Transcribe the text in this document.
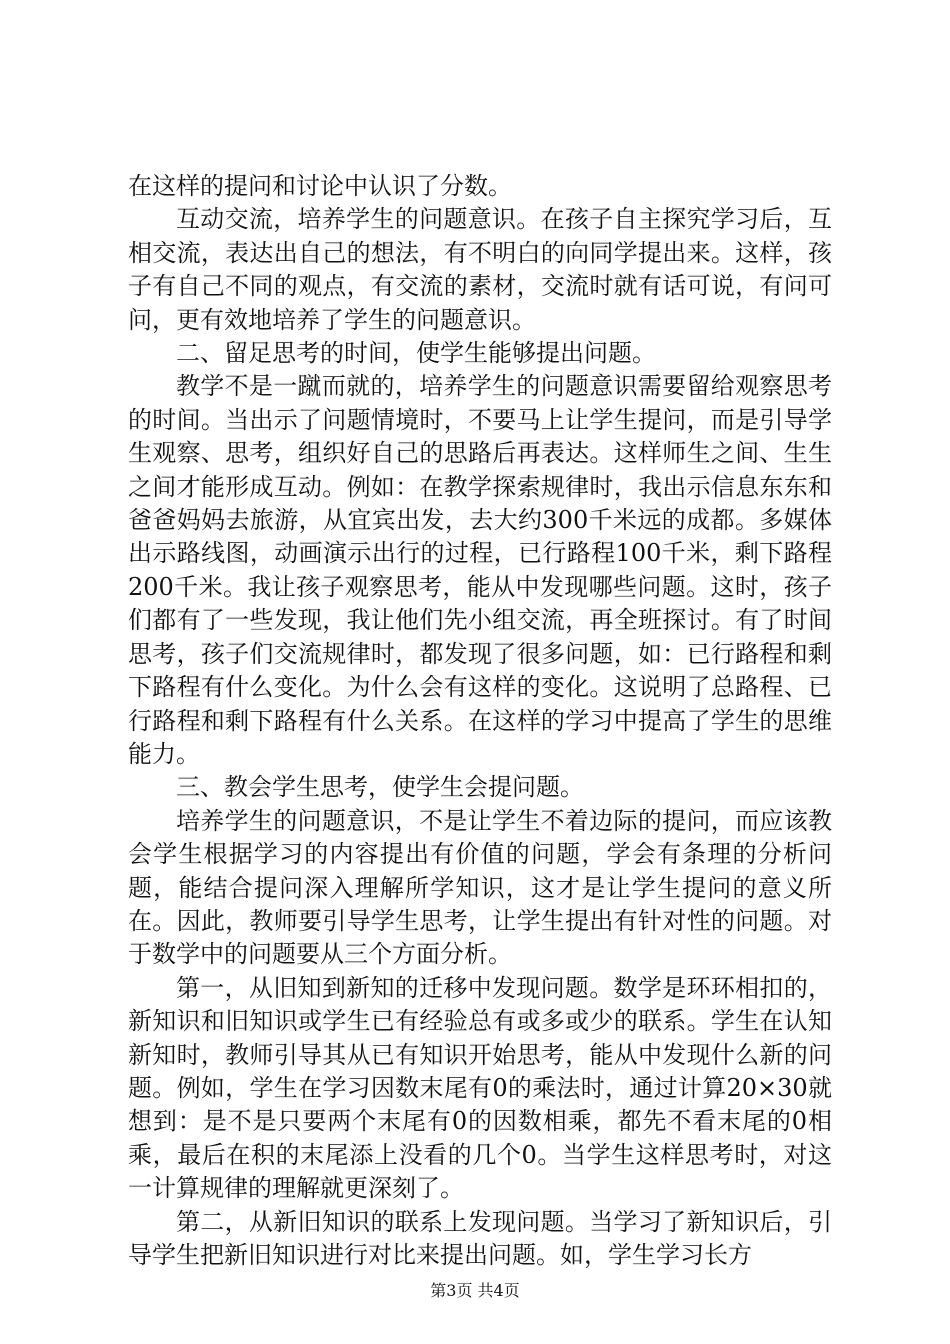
在这样的提问和讨论中认识了分数。

互动交流，培养学生的问题意识。在孩子自主探究学习后，互相交流，表达出自己的想法，有不明白的向同学提出来。这样，孩子有自己不同的观点，有交流的素材，交流时就有话可说，有问可问，更有效地培养了学生的问题意识。

二、留足思考的时间，使学生能够提出问题。

教学不是一蹴而就的，培养学生的问题意识需要留给观察思考的时间。当出示了问题情境时，不要马上让学生提问，而是引导学生观察、思考，组织好自己的思路后再表达。这样师生之间、生生之间才能形成互动。例如：在教学探索规律时，我出示信息东东和爸爸妈妈去旅游，从宜宾出发，去大约300千米远的成都。多媒体出示路线图，动画演示出行的过程，已行路程100千米，剩下路程200千米。我让孩子观察思考，能从中发现哪些问题。这时，孩子们都有了一些发现，我让他们先小组交流，再全班探讨。有了时间思考，孩子们交流规律时，都发现了很多问题，如：已行路程和剩下路程有什么变化。为什么会有这样的变化。这说明了总路程、已行路程和剩下路程有什么关系。在这样的学习中提高了学生的思维能力。

三、教会学生思考，使学生会提问题。

培养学生的问题意识，不是让学生不着边际的提问，而应该教会学生根据学习的内容提出有价值的问题，学会有条理的分析问题，能结合提问深入理解所学知识，这才是让学生提问的意义所在。因此，教师要引导学生思考，让学生提出有针对性的问题。对于数学中的问题要从三个方面分析。

第一，从旧知到新知的迁移中发现问题。数学是环环相扣的，新知识和旧知识或学生已有经验总有或多或少的联系。学生在认知新知时，教师引导其从已有知识开始思考，能从中发现什么新的问题。例如，学生在学习因数末尾有0的乘法时，通过计算20×30就想到：是不是只要两个末尾有0的因数相乘，都先不看末尾的0相乘，最后在积的末尾添上没看的几个0。当学生这样思考时，对这一计算规律的理解就更深刻了。

第二，从新旧知识的联系上发现问题。当学习了新知识后，引导学生把新旧知识进行对比来提出问题。如，学生学习长方

第3页 共4页
